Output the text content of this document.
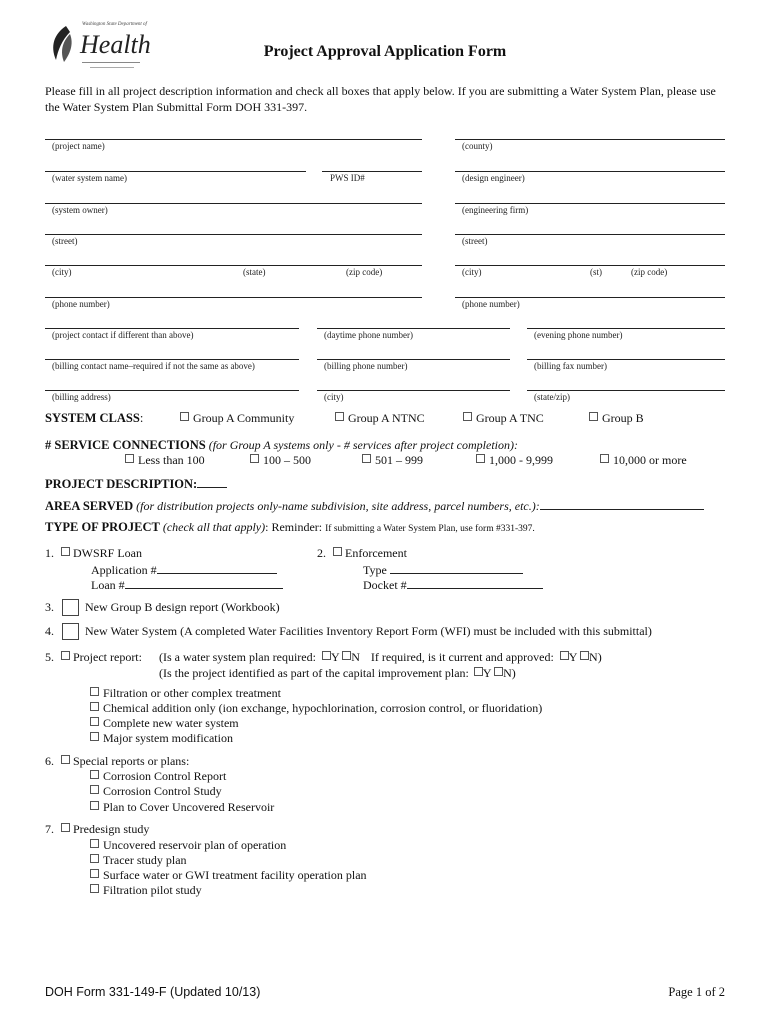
Washington State Department of
Health	Project Approval Application Form
Please fill in all project description information and check all boxes that apply below. If you are submitting a Water System Plan, please use the Water System Plan Submittal Form DOH 331-397.
(project name)	(county)
(water system name)	PWS ID#	(design engineer)
(system owner)	(engineering firm)
(street)	(street)
(city)	(state)	(zip code)	(city)	(st)	(zip code)
(phone number)	(phone number)
(project contact if different than above)	(daytime phone number)	(evening phone number)
(billing contact name–required if not the same as above)	(billing phone number)	(billing fax number)
(billing address)	(city)	(state/zip)
SYSTEM CLASS:	Group A Community	Group A NTNC	Group A TNC	Group B
# SERVICE CONNECTIONS (for Group A systems only - # services after project completion):
Less than 100	100 – 500	501 – 999	1,000 - 9,999	10,000 or more
PROJECT DESCRIPTION:
AREA SERVED (for distribution projects only-name subdivision, site address, parcel numbers, etc.):
TYPE OF PROJECT (check all that apply): Reminder: If submitting a Water System Plan, use form #331-397.
1. DWSRF Loan
Application #
Loan #
2. Enforcement
Type
Docket #
3.	New Group B design report (Workbook)
4.	New Water System (A completed Water Facilities Inventory Report Form (WFI) must be included with this submittal)
5. Project report: (Is a water system plan required: Y N If required, is it current and approved: Y N)
(Is the project identified as part of the capital improvement plan: Y N)
Filtration or other complex treatment
Chemical addition only (ion exchange, hypochlorination, corrosion control, or fluoridation)
Complete new water system
Major system modification
6. Special reports or plans:
Corrosion Control Report
Corrosion Control Study
Plan to Cover Uncovered Reservoir
7. Predesign study
Uncovered reservoir plan of operation
Tracer study plan
Surface water or GWI treatment facility operation plan
Filtration pilot study
DOH Form 331-149-F (Updated 10/13)	Page 1 of 2
